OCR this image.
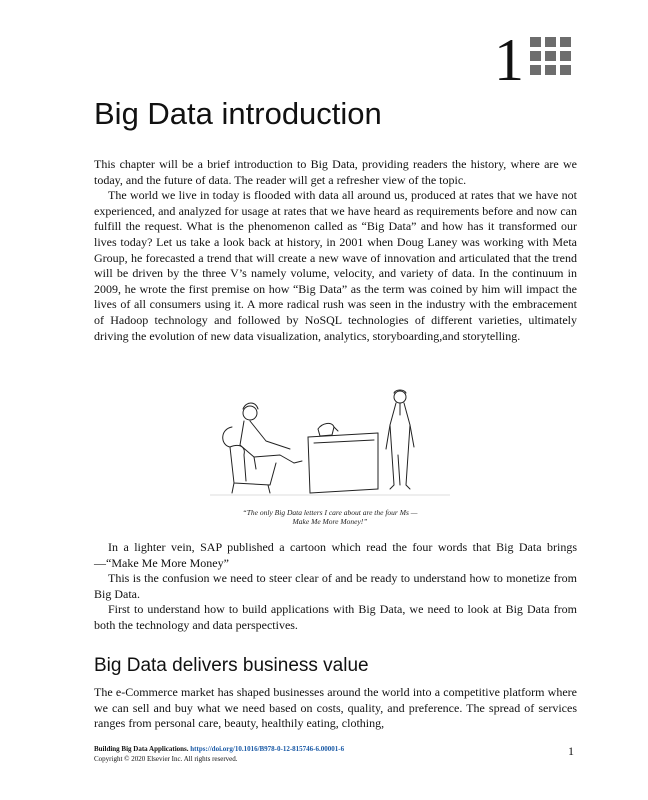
1
Big Data introduction

This chapter will be a brief introduction to Big Data, providing readers the history, where are we today, and the future of data. The reader will get a refresher view of the topic.

The world we live in today is flooded with data all around us, produced at rates that we have not experienced, and analyzed for usage at rates that we have heard as requirements before and now can fulfill the request. What is the phenomenon called as “Big Data” and how has it transformed our lives today? Let us take a look back at history, in 2001 when Doug Laney was working with Meta Group, he forecasted a trend that will create a new wave of innovation and articulated that the trend will be driven by the three V’s namely volume, velocity, and variety of data. In the continuum in 2009, he wrote the first premise on how “Big Data” as the term was coined by him will impact the lives of all consumers using it. A more radical rush was seen in the industry with the embracement of Hadoop technology and followed by NoSQL technologies of different varieties, ultimately driving the evolution of new data visualization, analytics, storyboarding,and storytelling.

“The only Big Data letters I care about are the four Ms —
Make Me More Money!”

In a lighter vein, SAP published a cartoon which read the four words that Big Data brings —“Make Me More Money”

This is the confusion we need to steer clear of and be ready to understand how to monetize from Big Data.

First to understand how to build applications with Big Data, we need to look at Big Data from both the technology and data perspectives.

Big Data delivers business value

The e-Commerce market has shaped businesses around the world into a competitive platform where we can sell and buy what we need based on costs, quality, and preference. The spread of services ranges from personal care, beauty, healthily eating, clothing,

Building Big Data Applications. https://doi.org/10.1016/B978-0-12-815746-6.00001-6
Copyright © 2020 Elsevier Inc. All rights reserved.
1
